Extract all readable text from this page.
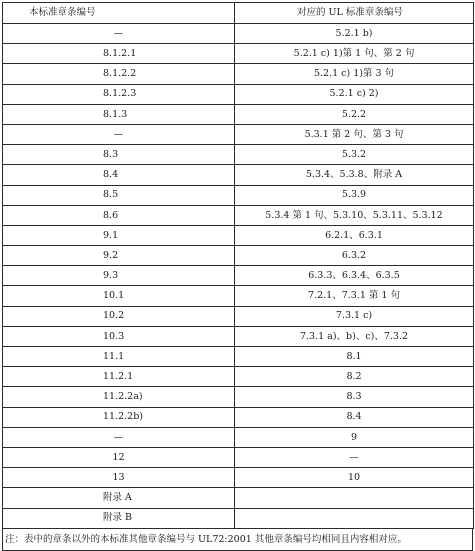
本标准章条编号	对应的 UL 标准章条编号
—	5.2.1 b)
8.1.2.1	5.2.1 c) 1)第 1 句、第 2 句
8.1.2.2	5.2.1 c) 1)第 3 句
8.1.2.3	5.2.1 c) 2)
8.1.3	5.2.2
—	5.3.1 第 2 句、第 3 句
8.3	5.3.2
8.4	5.3.4、5.3.8、附录 A
8.5	5.3.9
8.6	5.3.4 第 1 句、5.3.10、5.3.11、5.3.12
9.1	6.2.1、6.3.1
9.2	6.3.2
9.3	6.3.3、6.3.4、6.3.5
10.1	7.2.1、7.3.1 第 1 句
10.2	7.3.1 c)
10.3	7.3.1 a)、b)、c)、7.3.2
11.1	8.1
11.2.1	8.2
11.2.2a)	8.3
11.2.2b)	8.4
—	9
12	—
13	10
附录 A	
附录 B	
注：表中的章条以外的本标准其他章条编号与 UL72:2001 其他章条编号均相同且内容相对应。
